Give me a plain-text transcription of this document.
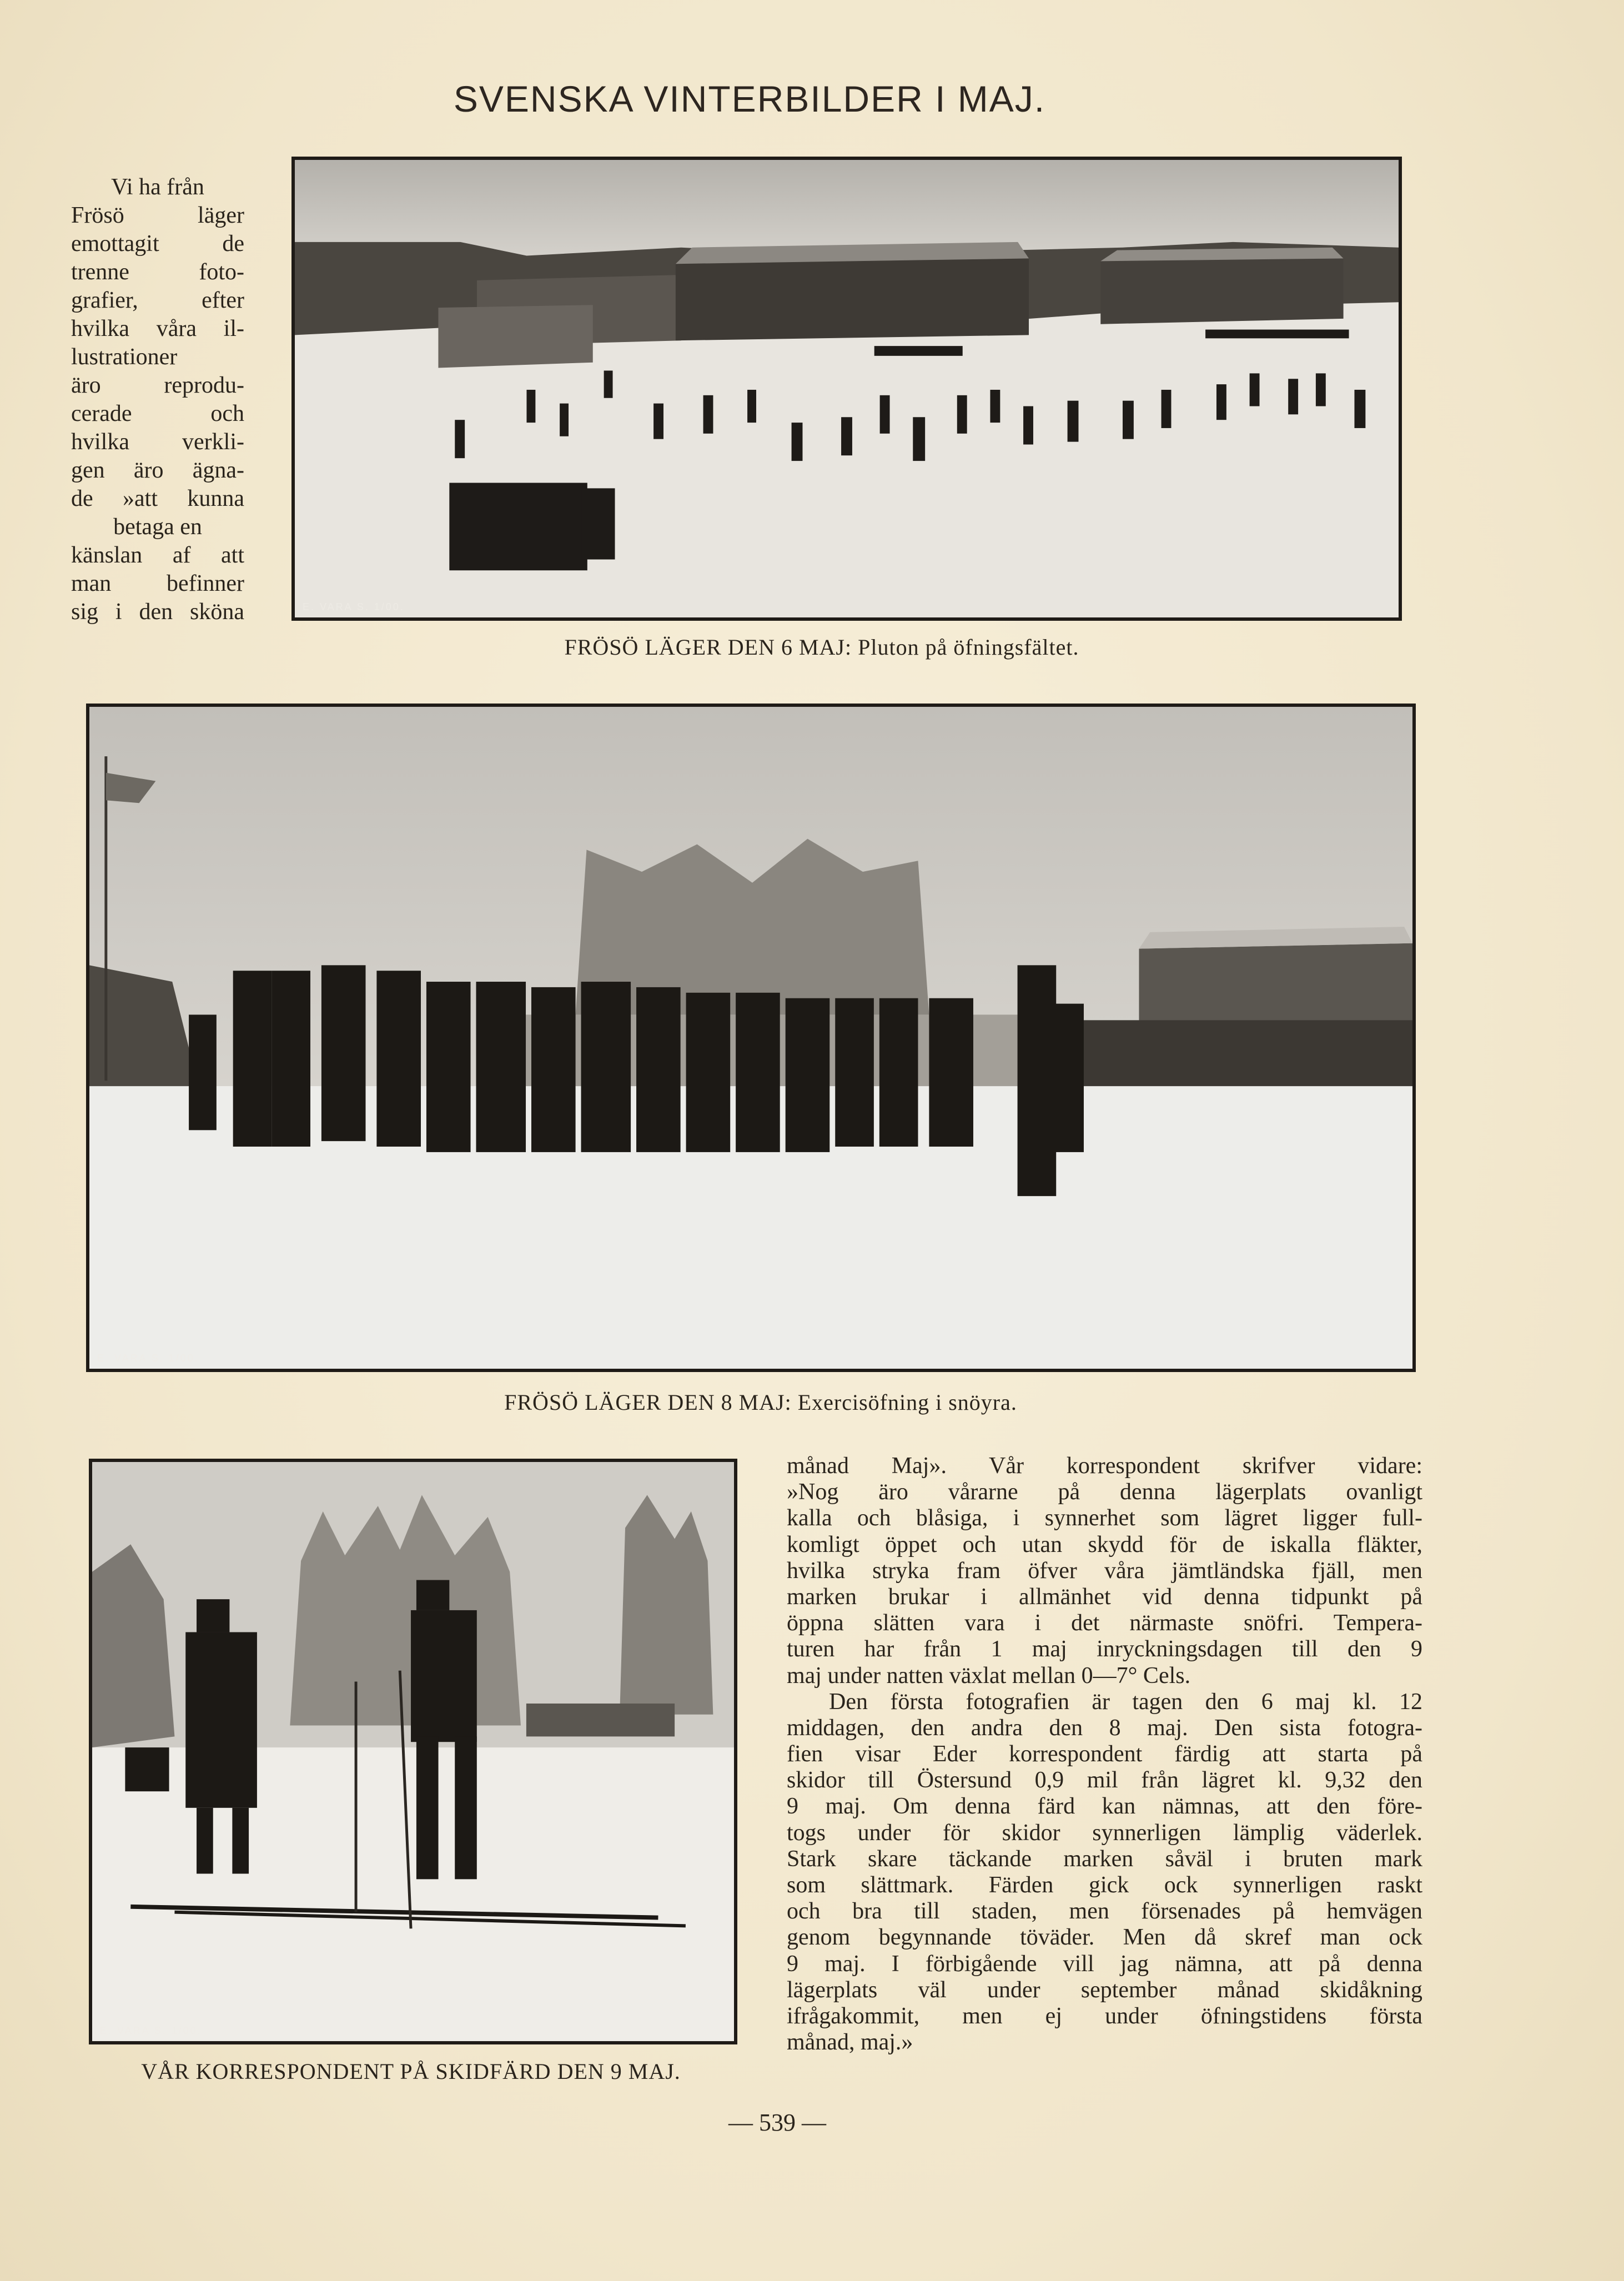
SVENSKA VINTERBILDER I MAJ.
Vi ha från
Frösö läger
emottagit de
trenne foto-
grafier, efter
hvilka våra il-
lustrationer
äro reprodu-
cerade och
hvilka verkli-
gen äro ägna-
de »att kunna
betaga en
känslan af att
man befinner
sig i den sköna	E. VARA S. 1/00.
FRÖSÖ LÄGER DEN 6 MAJ: Pluton på öfningsfältet.
E. VARA S. 1/00.
FRÖSÖ LÄGER DEN 8 MAJ: Exercisöfning i snöyra.
E. VARA S. 1/00.
VÅR KORRESPONDENT PÅ SKIDFÄRD DEN 9 MAJ.
månad Maj». Vår korrespondent skrifver vidare:
»Nog äro vårarne på denna lägerplats ovanligt
kalla och blåsiga, i synnerhet som lägret ligger full-
komligt öppet och utan skydd för de iskalla fläkter,
hvilka stryka fram öfver våra jämtländska fjäll, men
marken brukar i allmänhet vid denna tidpunkt på
öppna slätten vara i det närmaste snöfri. Tempera-
turen har från 1 maj inryckningsdagen till den 9
maj under natten växlat mellan 0—7° Cels.
Den första fotografien är tagen den 6 maj kl. 12
middagen, den andra den 8 maj. Den sista fotogra-
fien visar Eder korrespondent färdig att starta på
skidor till Östersund 0,9 mil från lägret kl. 9,32 den
9 maj. Om denna färd kan nämnas, att den före-
togs under för skidor synnerligen lämplig väderlek.
Stark skare täckande marken såväl i bruten mark
som slättmark. Färden gick ock synnerligen raskt
och bra till staden, men försenades på hemvägen
genom begynnande töväder. Men då skref man ock
9 maj. I förbigående vill jag nämna, att på denna
lägerplats väl under september månad skidåkning
ifrågakommit, men ej under öfningstidens första
månad, maj.»
— 539 —
